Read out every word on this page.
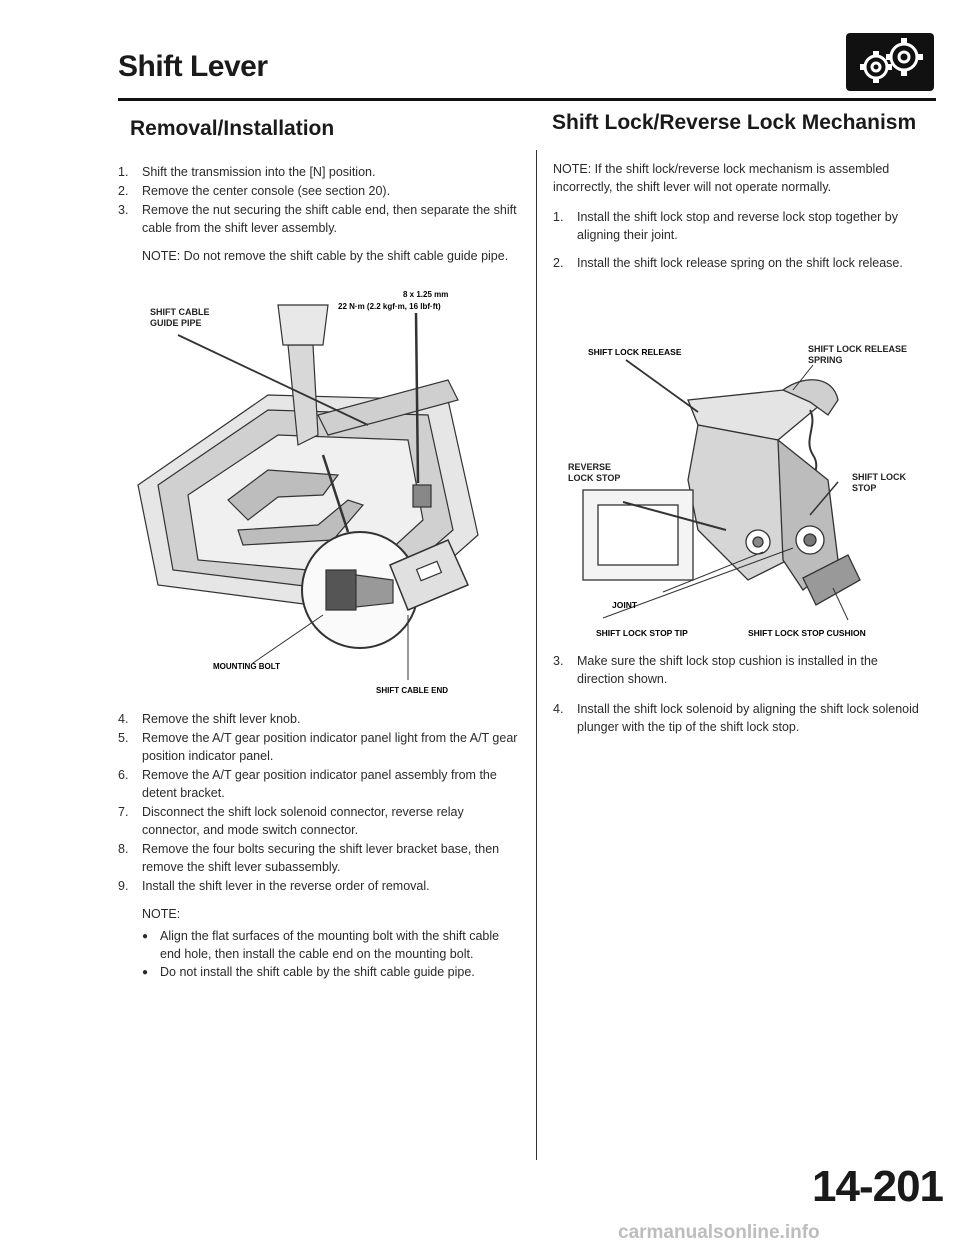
Shift Lever
Removal/Installation
1.	Shift the transmission into the [N] position.
2.	Remove the center console (see section 20).
3.	Remove the nut securing the shift cable end, then separate the shift cable from the shift lever assembly.
NOTE: Do not remove the shift cable by the shift cable guide pipe.
8 x 1.25 mm
22 N·m (2.2 kgf·m, 16 lbf·ft)
MOUNTING BOLT
SHIFT CABLE END
SHIFT CABLE GUIDE PIPE
4.	Remove the shift lever knob.
5.	Remove the A/T gear position indicator panel light from the A/T gear position indicator panel.
6.	Remove the A/T gear position indicator panel assembly from the detent bracket.
7.	Disconnect the shift lock solenoid connector, reverse relay connector, and mode switch connector.
8.	Remove the four bolts securing the shift lever bracket base, then remove the shift lever subassembly.
9.	Install the shift lever in the reverse order of removal.
NOTE:
● Align the flat surfaces of the mounting bolt with the shift cable end hole, then install the cable end on the mounting bolt.
● Do not install the shift cable by the shift cable guide pipe.
Shift Lock/Reverse Lock Mechanism
NOTE: If the shift lock/reverse lock mechanism is assembled incorrectly, the shift lever will not operate normally.
1.	Install the shift lock stop and reverse lock stop together by aligning their joint.
2.	Install the shift lock release spring on the shift lock release.
SHIFT LOCK RELEASE
JOINT
SHIFT LOCK STOP TIP	SHIFT LOCK STOP CUSHION
SHIFT LOCK RELEASE SPRING
REVERSE LOCK STOP	SHIFT LOCK STOP
3.	Make sure the shift lock stop cushion is installed in the direction shown.
4.	Install the shift lock solenoid by aligning the shift lock solenoid plunger with the tip of the shift lock stop.
14-201
carmanualsonline.info
